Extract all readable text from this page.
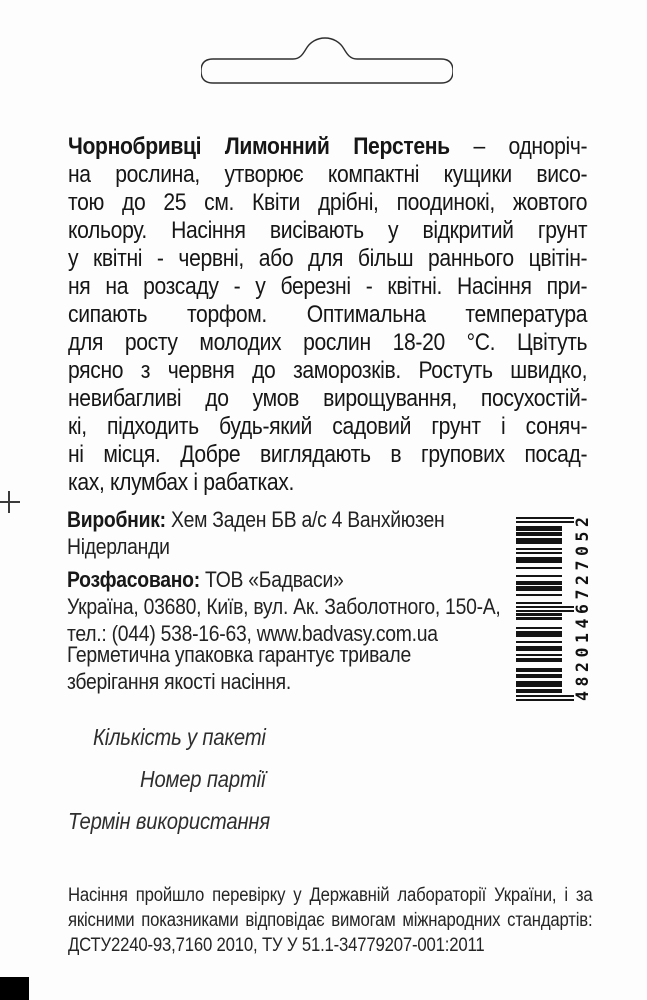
Чорнобривці Лимонний Перстень – одноріч-
на рослина, утворює компактні кущики висо-
тою до 25 см. Квіти дрібні, поодинокі, жовтого
кольору. Насіння висівають у відкритий грунт
у квітні - червні, або для більш раннього цвітін-
ня на розсаду - у березні - квітні. Насіння при-
сипають торфом. Оптимальна температура
для росту молодих рослин 18-20 °С. Цвітуть
рясно з червня до заморозків. Ростуть швидко,
невибагливі до умов вирощування, посухостій-
кі, підходить будь-який садовий грунт і соняч-
ні місця. Добре виглядають в групових посад-
ках, клумбах і рабатках.
Виробник: Хем Заден БВ а/с 4 Ванхйюзен
Нідерланди
Розфасовано: ТОВ «Бадваси»
Україна, 03680, Київ, вул. Ак. Заболотного, 150-А,
тел.: (044) 538-16-63, www.badvasy.com.ua
Герметична упаковка гарантує тривале
зберігання якості насіння.
Кількість у пакеті
Номер партії
Термін використання
Насіння пройшло перевірку у Державній лабораторії України, і за
якісними показниками відповідає вимогам міжнародних стандартів:
ДСТУ2240-93,7160 2010, ТУ У 51.1-34779207-001:2011
4
8
2
0
1
4
6
7
2
7
0
5
2
